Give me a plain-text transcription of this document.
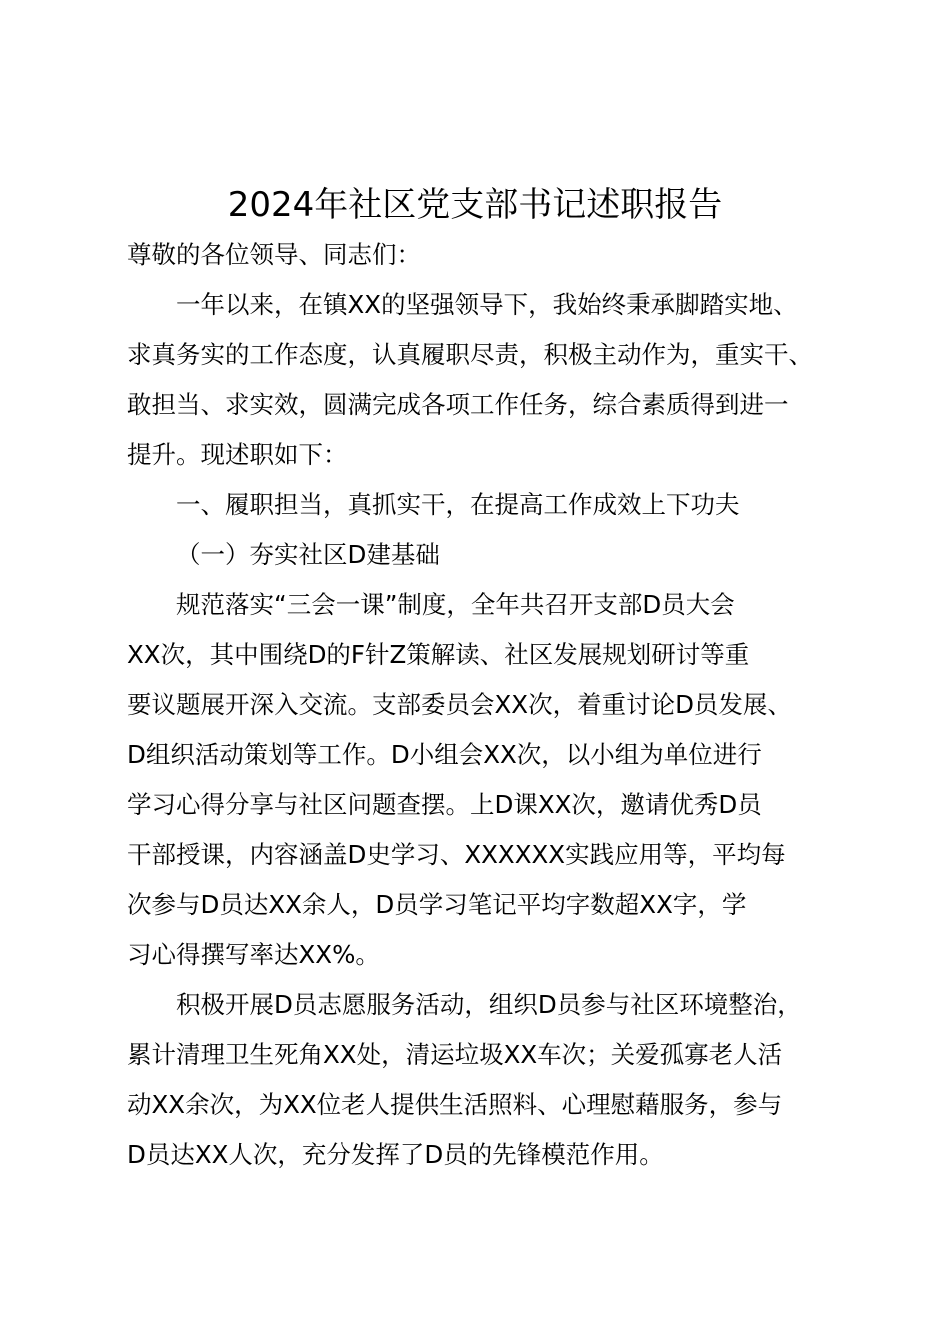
2024年社区党支部书记述职报告
尊敬的各位领导、同志们：
一年以来，在镇XX的坚强领导下，我始终秉承脚踏实地、
求真务实的工作态度，认真履职尽责，积极主动作为，重实干、
敢担当、求实效，圆满完成各项工作任务，综合素质得到进一
提升。现述职如下：
一、履职担当，真抓实干，在提高工作成效上下功夫
（一）夯实社区D建基础
规范落实“三会一课”制度，全年共召开支部D员大会
XX次，其中围绕D的F针Z策解读、社区发展规划研讨等重
要议题展开深入交流。支部委员会XX次，着重讨论D员发展、
D组织活动策划等工作。D小组会XX次，以小组为单位进行
学习心得分享与社区问题查摆。上D课XX次，邀请优秀D员
干部授课，内容涵盖D史学习、XXXXXX实践应用等，平均每
次参与D员达XX余人，D员学习笔记平均字数超XX字，学
习心得撰写率达XX%。
积极开展D员志愿服务活动，组织D员参与社区环境整治，
累计清理卫生死角XX处，清运垃圾XX车次；关爱孤寡老人活
动XX余次，为XX位老人提供生活照料、心理慰藉服务，参与
D员达XX人次，充分发挥了D员的先锋模范作用。
